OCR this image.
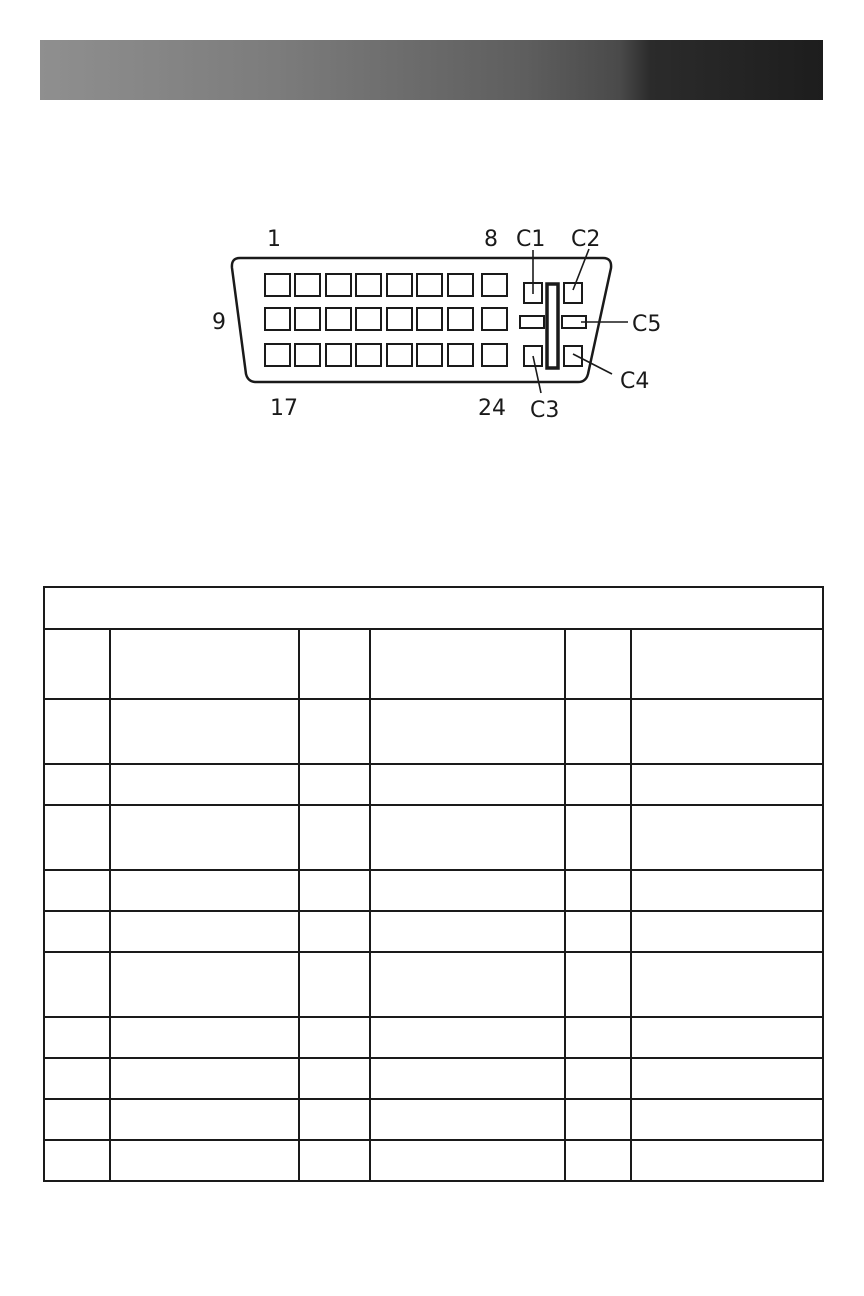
1	8
9
17	24
C1 C2
C3
C4
C5
